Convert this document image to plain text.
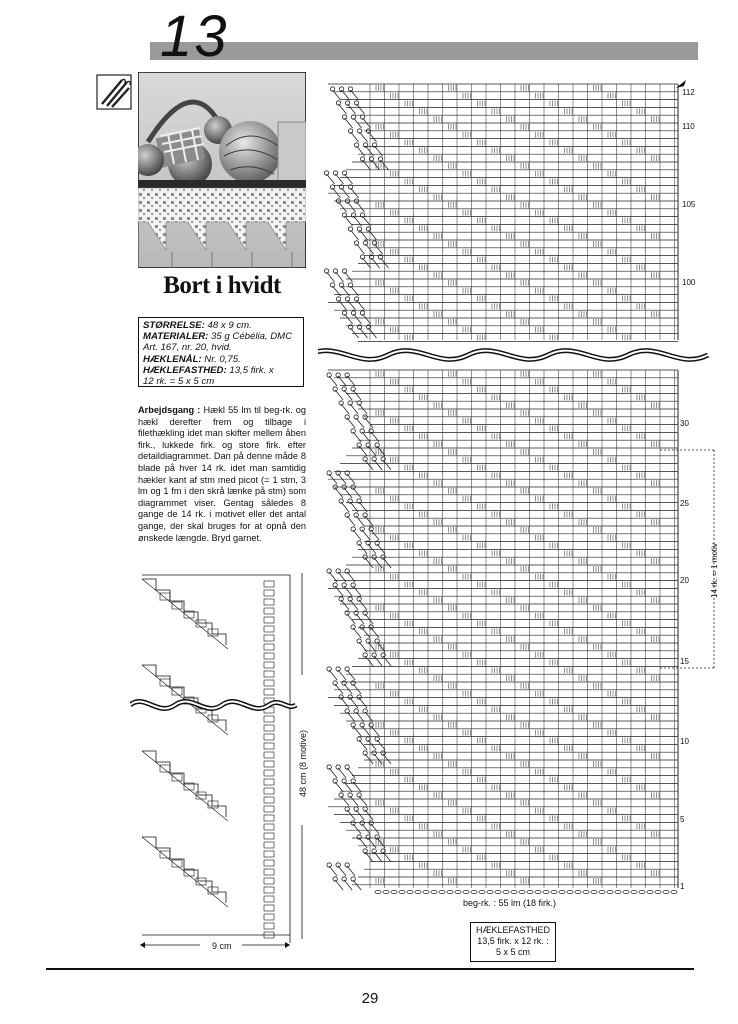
13
Bort i hvidt
STØRRELSE: 48 x 9 cm.
MATERIALER: 35 g Cébélia, DMC
Art. 167, nr. 20, hvid.
HÆKLENÅL: Nr. 0,75.
HÆKLEFASTHED: 13,5 firk. x
12 rk. = 5 x 5 cm
Arbejdsgang : Hækl 55 lm til beg-rk. og hækl derefter frem og tilbage i filethækling idet man skifter mellem åben firk., lukkede firk. og store firk. efter detaildiagrammet. Dan på denne måde 8 blade på hver 14 rk. idet man samtidig hækler kant af stm med picot (= 1 stm, 3 lm og 1 fm i den skrå lænke på stm) som diagrammet viser. Gentag således 8 gange de 14 rk. i motivet eller det antal gange, der skal bruges for at opnå den ønskede længde. Bryd garnet.
112
110
105
100
30
25
20
15
10
5
1
14 rk. = 1 motiv
beg-rk. : 55 lm (18 firk.)
48 cm (8 motive)
9 cm
HÆKLEFASTHED
13,5 firk. x 12 rk. :
5 x 5 cm
29
